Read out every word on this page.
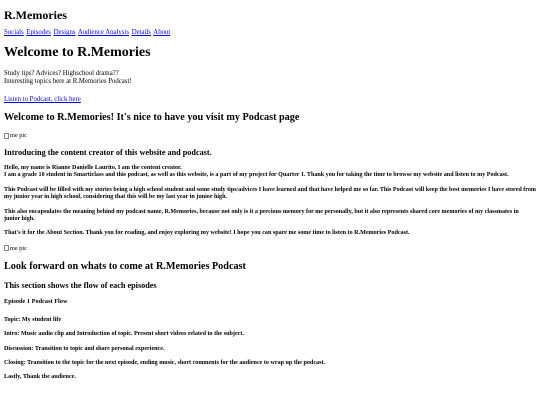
R.Memories
Socials Episodes Designs Audience Analysis Details About
Welcome to R.Memories
Study tips? Advices? Highschool drama??
Interesting topics here at R.Memories Podcast!
Listen to Podcast, click here
Welcome to R.Memories! It's nice to have you visit my Podcast page
me pic
Introducing the content creator of this website and podcast.

Hello, my name is Rianne Danielle Laurito, I am the content creator.
I am a grade 10 student in Smarticlass and this podcast, as well as this website, is a part of my project for Quarter 1. Thank you for taking the time to browse my website and listen to my Podcast.

This Podcast will be filled with my stories being a high school student and some study tips/advices I have learned and that have helped me so far. This Podcast will keep the best memories I have stored from my junior year in high school, considering that this will be my last year in junior high.

This also encapsulates the meaning behind my podcast name, R.Memories, because not only is it a precious memory for me personally, but it also represents shared core memories of my classmates in junior high.

That's it for the About Section. Thank you for reading, and enjoy exploring my website! I hope you can spare me some time to listen to R.Memories Podcast.

me pic
Look forward on whats to come at R.Memories Podcast
This section shows the flow of each episodes
Episode 1 Podcast Flow

Topic: My student life

Intro: Music audio clip and Introduction of topic. Present short videos related to the subject.

Discussion: Transition to topic and share personal experience.

Closing: Transition to the topic for the next episode, ending music, short comments for the audience to wrap up the podcast.

Lastly, Thank the audience.
